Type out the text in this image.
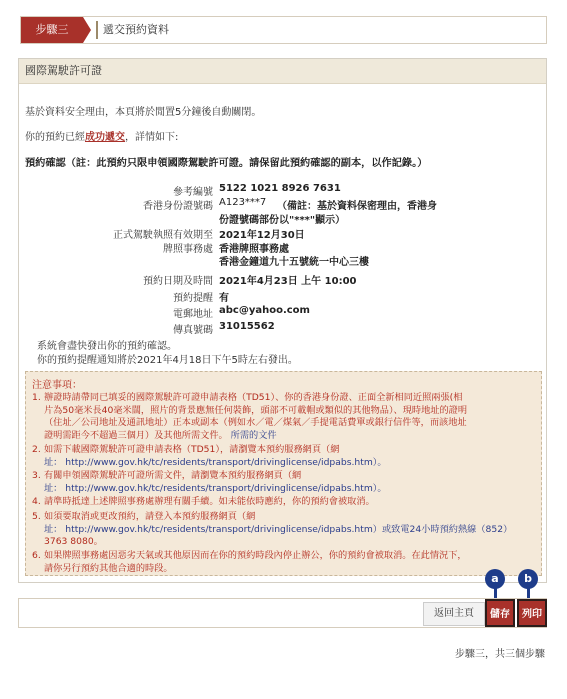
步驟三	遞交預約資料
國際駕駛許可證
基於資料安全理由，本頁將於閒置5分鐘後自動關閉。
你的預約已經成功遞交，詳情如下:
預約確認（註：此預約只限申領國際駕駛許可證。請保留此預約確認的副本，以作記錄。）
參考編號 5122 1021 8926 7631
香港身份證號碼 A123***7 （備註：基於資料保密理由，香港身
份證號碼部份以"***"顯示）
正式駕駛執照有效期至 2021年12月30日
牌照事務處 香港牌照事務處
香港金鐘道九十五號統一中心三樓
預約日期及時間 2021年4月23日 上午 10:00
預約提醒 有
電郵地址 abc@yahoo.com
傳真號碼 31015562
系統會盡快發出你的預約確認。
你的預約提醒通知將於2021年4月18日下午5時左右發出。
注意事項：
1. 辦證時請帶同已填妥的國際駕駛許可證申請表格（TD51）、你的香港身份證、正面全新相同近照兩張(相
片為50毫米長40毫米闊，照片的背景應無任何裝飾，頭部不可載帽或類似的其他物品）、現時地址的證明
（住址／公司地址及通訊地址）正本或副本（例如水／電／煤氣／手提電話費單或銀行信件等，而該地址
證明需距今不超過三個月）及其他所需文件。 所需的文件
2. 如需下載國際駕駛許可證申請表格（TD51），請瀏覽本預約服務網頁（網
址： http://www.gov.hk/tc/residents/transport/drivinglicense/idpabs.htm）。
3. 有關申領國際駕駛許可證所需文件，請瀏覽本預約服務網頁（網
址： http://www.gov.hk/tc/residents/transport/drivinglicense/idpabs.htm）。
4. 請準時抵達上述牌照事務處辦理有關手續。如未能依時應約，你的預約會被取消。
5. 如須要取消或更改預約，請登入本預約服務網頁（網
址： http://www.gov.hk/tc/residents/transport/drivinglicense/idpabs.htm）或致電24小時預約熱線（852）
3763 8080。
6. 如果牌照事務處因惡劣天氣或其他原因而在你的預約時段內停止辦公，你的預約會被取消。在此情況下，
請你另行預約其他合適的時段。
a	b
返回主頁	儲存	列印
步驟三，共三個步驟
